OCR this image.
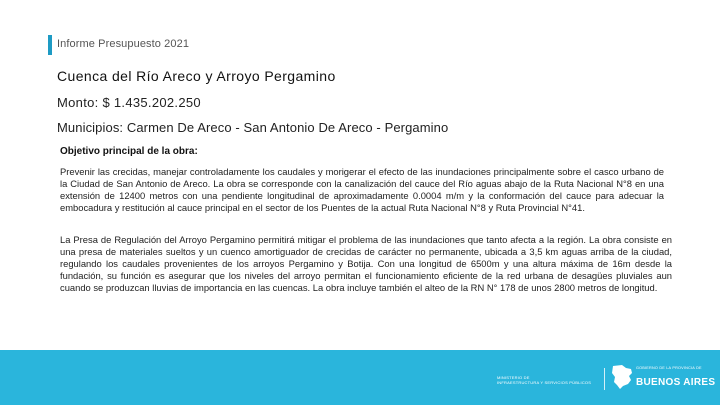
Informe Presupuesto 2021
Cuenca del Río Areco y Arroyo Pergamino
Monto: $ 1.435.202.250
Municipios: Carmen De Areco - San Antonio De Areco - Pergamino
Objetivo principal de la obra:

Prevenir las crecidas, manejar controladamente los caudales y morigerar el efecto de las inundaciones principalmente sobre el casco urbano de la Ciudad de San Antonio de Areco. La obra se corresponde con la canalización del cauce del Río aguas abajo de la Ruta Nacional N°8 en una extensión de 12400 metros con una pendiente longitudinal de aproximadamente 0.0004 m/m y la conformación del cauce para adecuar la embocadura y restitución al cauce principal en el sector de los Puentes de la actual Ruta Nacional N°8 y Ruta Provincial N°41.

La Presa de Regulación del Arroyo Pergamino permitirá mitigar el problema de las inundaciones que tanto afecta a la región. La obra consiste en una presa de materiales sueltos y un cuenco amortiguador de crecidas de carácter no permanente, ubicada a 3,5 km aguas arriba de la ciudad, regulando los caudales provenientes de los arroyos Pergamino y Botija. Con una longitud de 6500m y una altura máxima de 16m desde la fundación, su función es asegurar que los niveles del arroyo permitan el funcionamiento eficiente de la red urbana de desagües pluviales aun cuando se produzcan lluvias de importancia en las cuencas. La obra incluye también el alteo de la RN N° 178 de unos 2800 metros de longitud.

MINISTERIO DE
INFRAESTRUCTURA Y SERVICIOS PÚBLICOS
GOBIERNO DE LA PROVINCIA DE
BUENOS AIRES
